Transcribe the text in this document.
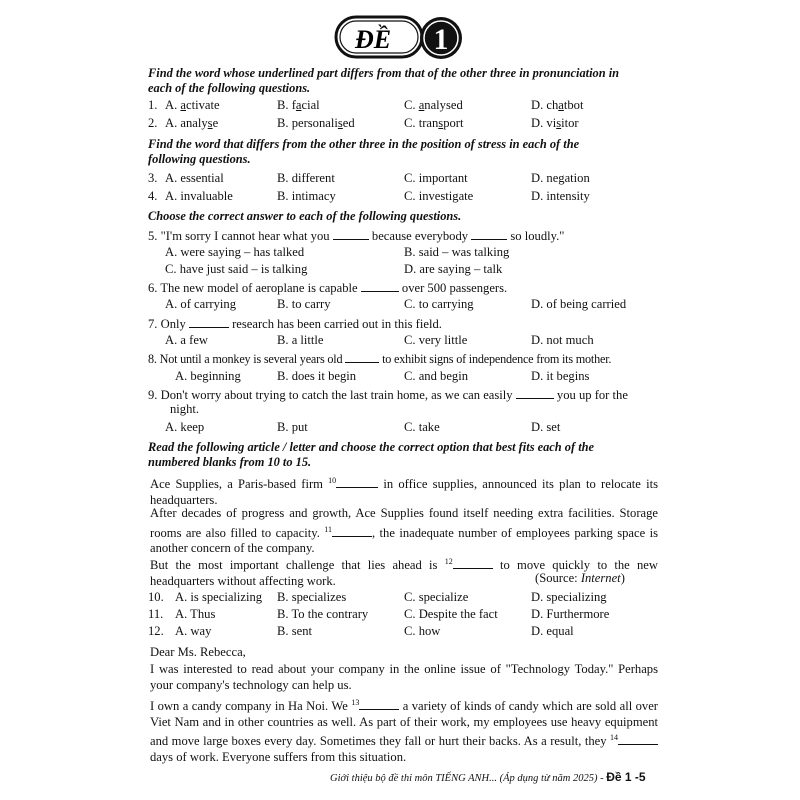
ĐỀ 1
Find the word whose underlined part differs from that of the other three in pronunciation in
each of the following questions.
1. A. activate	B. facial	C. analysed	D. chatbot
2. A. analyse	B. personalised	C. transport	D. visitor
Find the word that differs from the other three in the position of stress in each of the
following questions.
3. A. essential	B. different	C. important	D. negation
4. A. invaluable	B. intimacy	C. investigate	D. intensity
Choose the correct answer to each of the following questions.
5. "I'm sorry I cannot hear what you	because everybody	so loudly."
A. were saying – has talked	B. said – was talking
C. have just said – is talking	D. are saying – talk
6. The new model of aeroplane is capable	over 500 passengers.
A. of carrying	B. to carry	C. to carrying	D. of being carried
7. Only	research has been carried out in this field.
A. a few	B. a little	C. very little	D. not much
8. Not until a monkey is several years old	to exhibit signs of independence from its mother.
A. beginning	B. does it begin	C. and begin	D. it begins
9. Don't worry about trying to catch the last train home, as we can easily	you up for the
night.
A. keep	B. put	C. take	D. set
Read the following article / letter and choose the correct option that best fits each of the
numbered blanks from 10 to 15.
Ace Supplies, a Paris-based firm $^{10}$	in office supplies, announced its plan to relocate its headquarters.
After decades of progress and growth, Ace Supplies found itself needing extra facilities. Storage rooms are also filled to capacity. $^{11}$	, the inadequate number of employees parking space is another concern of the company.
But the most important challenge that lies ahead is $^{12}$	to move quickly to the new headquarters without affecting work.	(Source: Internet)
10. A. is specializing B. specializes	C. specialize	D. specializing
11. A. Thus	B. To the contrary	C. Despite the fact	D. Furthermore
12. A. way	B. sent	C. how	D. equal
Dear Ms. Rebecca,
I was interested to read about your company in the online issue of "Technology Today." Perhaps your company's technology can help us.
I own a candy company in Ha Noi. We $^{13}$	a variety of kinds of candy which are sold all over Viet Nam and in other countries as well. As part of their work, my employees use heavy equipment and move large boxes every day. Sometimes they fall or hurt their backs. As a result, they $^{14}$ days of work. Everyone suffers from this situation.
Giới thiệu bộ đề thi môn TIẾNG ANH... (Áp dụng từ năm 2025) - Đề 1 -5
